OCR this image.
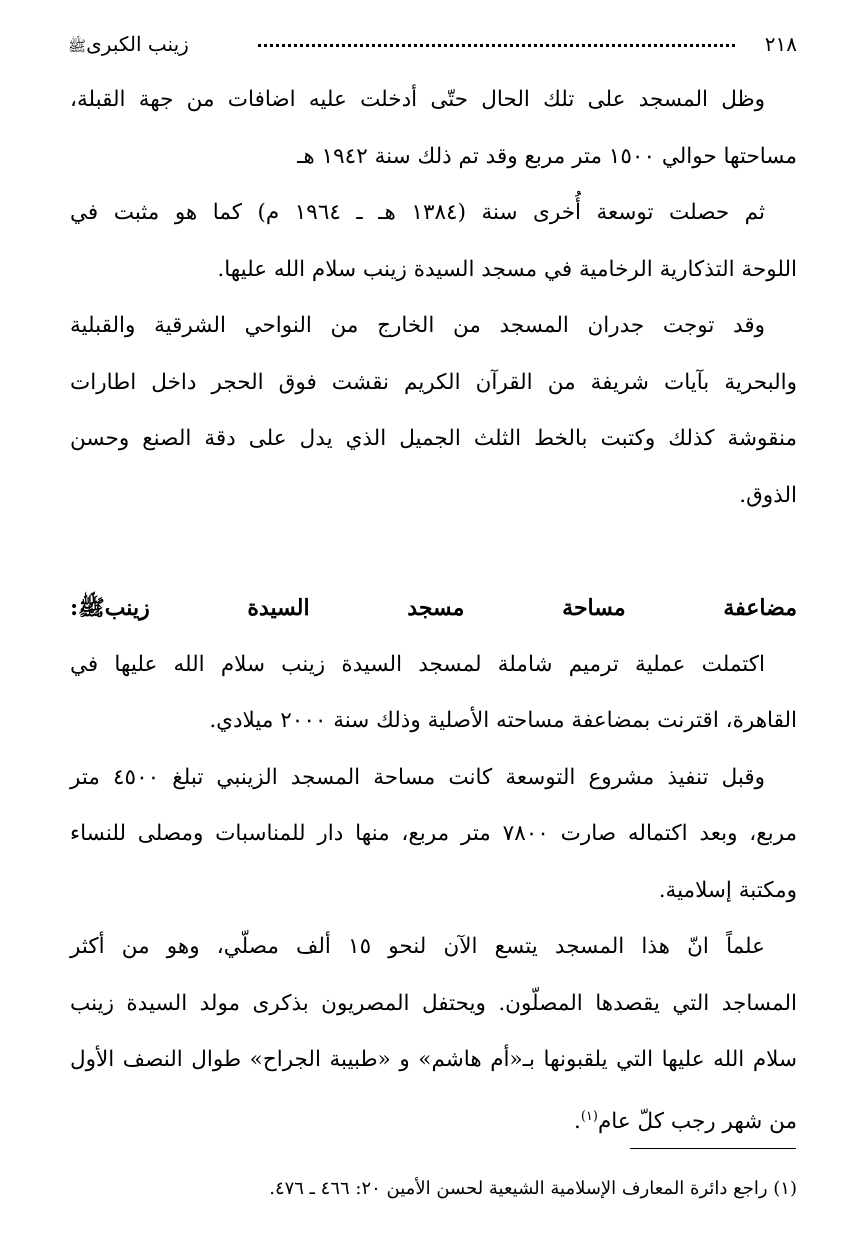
٢١٨
زينب الكبرىﷺ
وظل المسجد على تلك الحال حتّى أدخلت عليه اضافات من جهة القبلة،
مساحتها حوالي ١٥٠٠ متر مربع وقد تم ذلك سنة ١٩٤٢ هـ
ثم حصلت توسعة أُخرى سنة (١٣٨٤ هـ ـ ١٩٦٤ م) كما هو مثبت في
اللوحة التذكارية الرخامية في مسجد السيدة زينب سلام الله عليها.
وقد توجت جدران المسجد من الخارج من النواحي الشرقية والقبلية
والبحرية بآيات شريفة من القرآن الكريم نقشت فوق الحجر داخل اطارات
منقوشة كذلك وكتبت بالخط الثلث الجميل الذي يدل على دقة الصنع وحسن
الذوق.
مضاعفة مساحة مسجد السيدة زينبﷺ:
اكتملت عملية ترميم شاملة لمسجد السيدة زينب سلام الله عليها في
القاهرة، اقترنت بمضاعفة مساحته الأصلية وذلك سنة ٢٠٠٠ ميلادي.
وقبل تنفيذ مشروع التوسعة كانت مساحة المسجد الزينبي تبلغ ٤٥٠٠ متر
مربع، وبعد اكتماله صارت ٧٨٠٠ متر مربع، منها دار للمناسبات ومصلى للنساء
ومكتبة إسلامية.
علماً انّ هذا المسجد يتسع الآن لنحو ١٥ ألف مصلّي، وهو من أكثر
المساجد التي يقصدها المصلّون. ويحتفل المصريون بذكرى مولد السيدة زينب
سلام الله عليها التي يلقبونها بـ«أم هاشم» و «طبيبة الجراح» طوال النصف الأول
من شهر رجب كلّ عام$^{(١)}$.
(١) راجع دائرة المعارف الإسلامية الشيعية لحسن الأمين ٢٠: ٤٦٦ ـ ٤٧٦.
